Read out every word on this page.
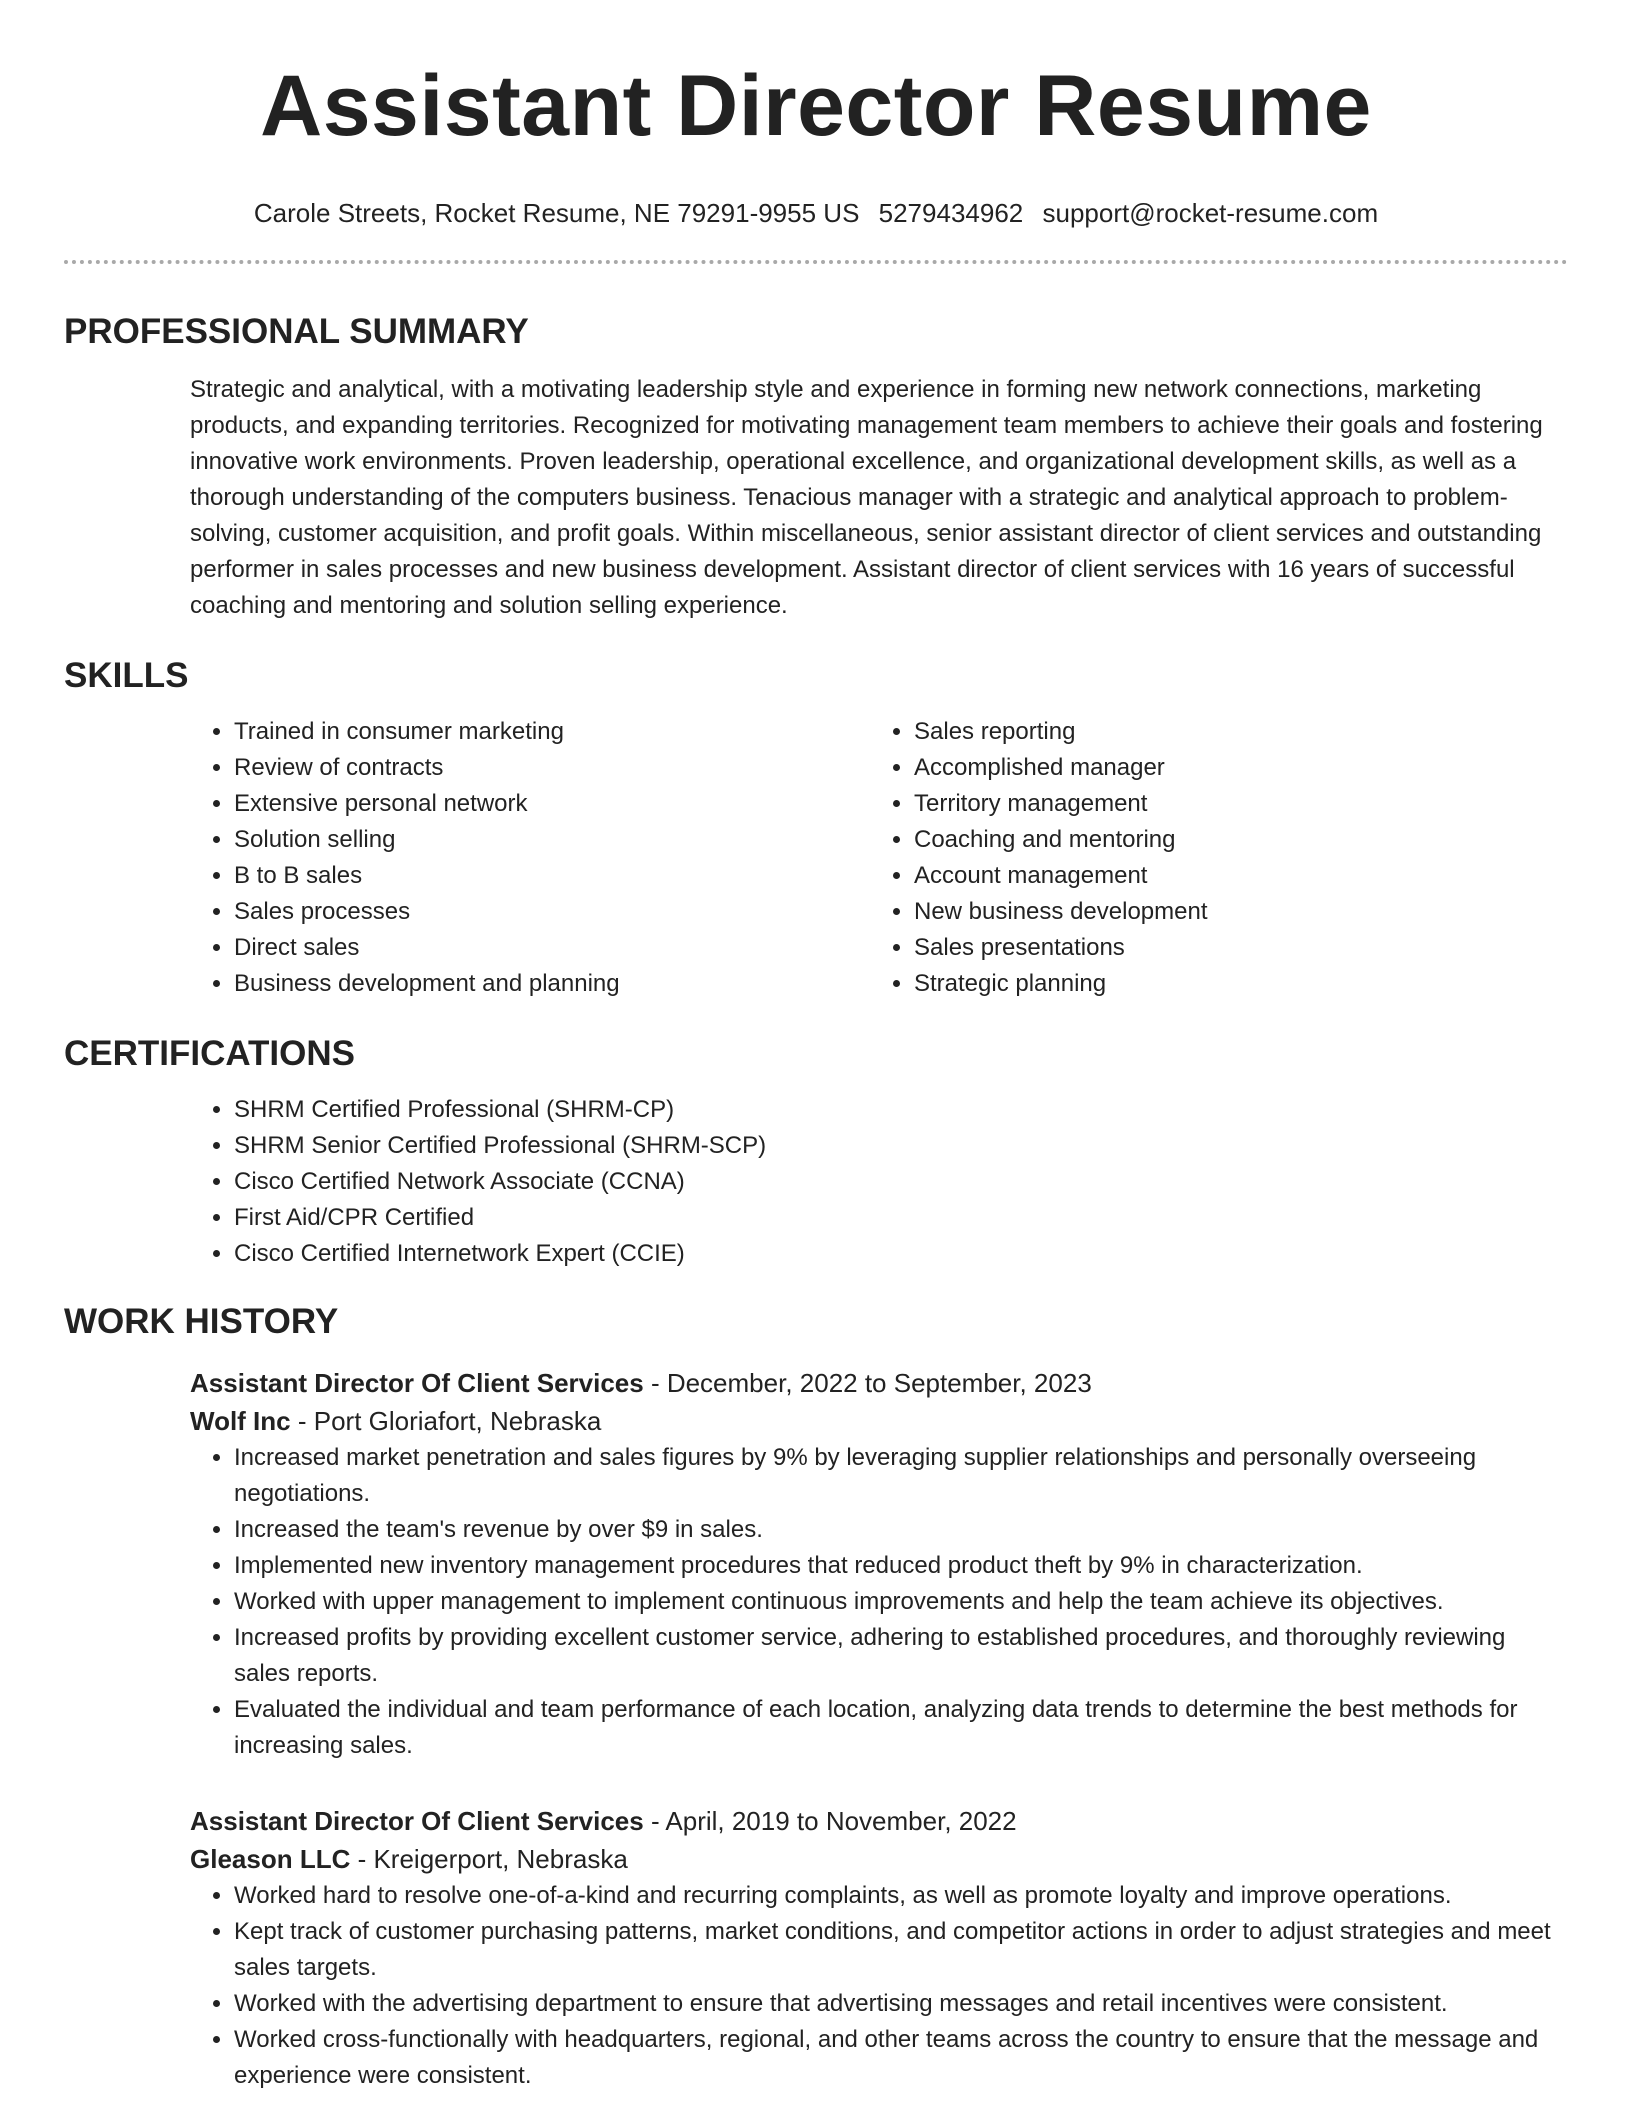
Assistant Director Resume
Carole Streets, Rocket Resume, NE 79291-9955 US 5279434962 support@rocket-resume.com
PROFESSIONAL SUMMARY

Strategic and analytical, with a motivating leadership style and experience in forming new network connections, marketing products, and expanding territories. Recognized for motivating management team members to achieve their goals and fostering innovative work environments. Proven leadership, operational excellence, and organizational development skills, as well as a thorough understanding of the computers business. Tenacious manager with a strategic and analytical approach to problem-solving, customer acquisition, and profit goals. Within miscellaneous, senior assistant director of client services and outstanding performer in sales processes and new business development. Assistant director of client services with 16 years of successful coaching and mentoring and solution selling experience.

SKILLS
• Trained in consumer marketing
• Review of contracts
• Extensive personal network
• Solution selling
• B to B sales
• Sales processes
• Direct sales
• Business development and planning
• Sales reporting
• Accomplished manager
• Territory management
• Coaching and mentoring
• Account management
• New business development
• Sales presentations
• Strategic planning
CERTIFICATIONS
• SHRM Certified Professional (SHRM-CP)
• SHRM Senior Certified Professional (SHRM-SCP)
• Cisco Certified Network Associate (CCNA)
• First Aid/CPR Certified
• Cisco Certified Internetwork Expert (CCIE)
WORK HISTORY
Assistant Director Of Client Services - December, 2022 to September, 2023
Wolf Inc - Port Gloriafort, Nebraska
• Increased market penetration and sales figures by 9% by leveraging supplier relationships and personally overseeing negotiations.
• Increased the team's revenue by over $9 in sales.
• Implemented new inventory management procedures that reduced product theft by 9% in characterization.
• Worked with upper management to implement continuous improvements and help the team achieve its objectives.
• Increased profits by providing excellent customer service, adhering to established procedures, and thoroughly reviewing sales reports.
• Evaluated the individual and team performance of each location, analyzing data trends to determine the best methods for increasing sales.
Assistant Director Of Client Services - April, 2019 to November, 2022
Gleason LLC - Kreigerport, Nebraska
• Worked hard to resolve one-of-a-kind and recurring complaints, as well as promote loyalty and improve operations.
• Kept track of customer purchasing patterns, market conditions, and competitor actions in order to adjust strategies and meet sales targets.
• Worked with the advertising department to ensure that advertising messages and retail incentives were consistent.
• Worked cross-functionally with headquarters, regional, and other teams across the country to ensure that the message and experience were consistent.
